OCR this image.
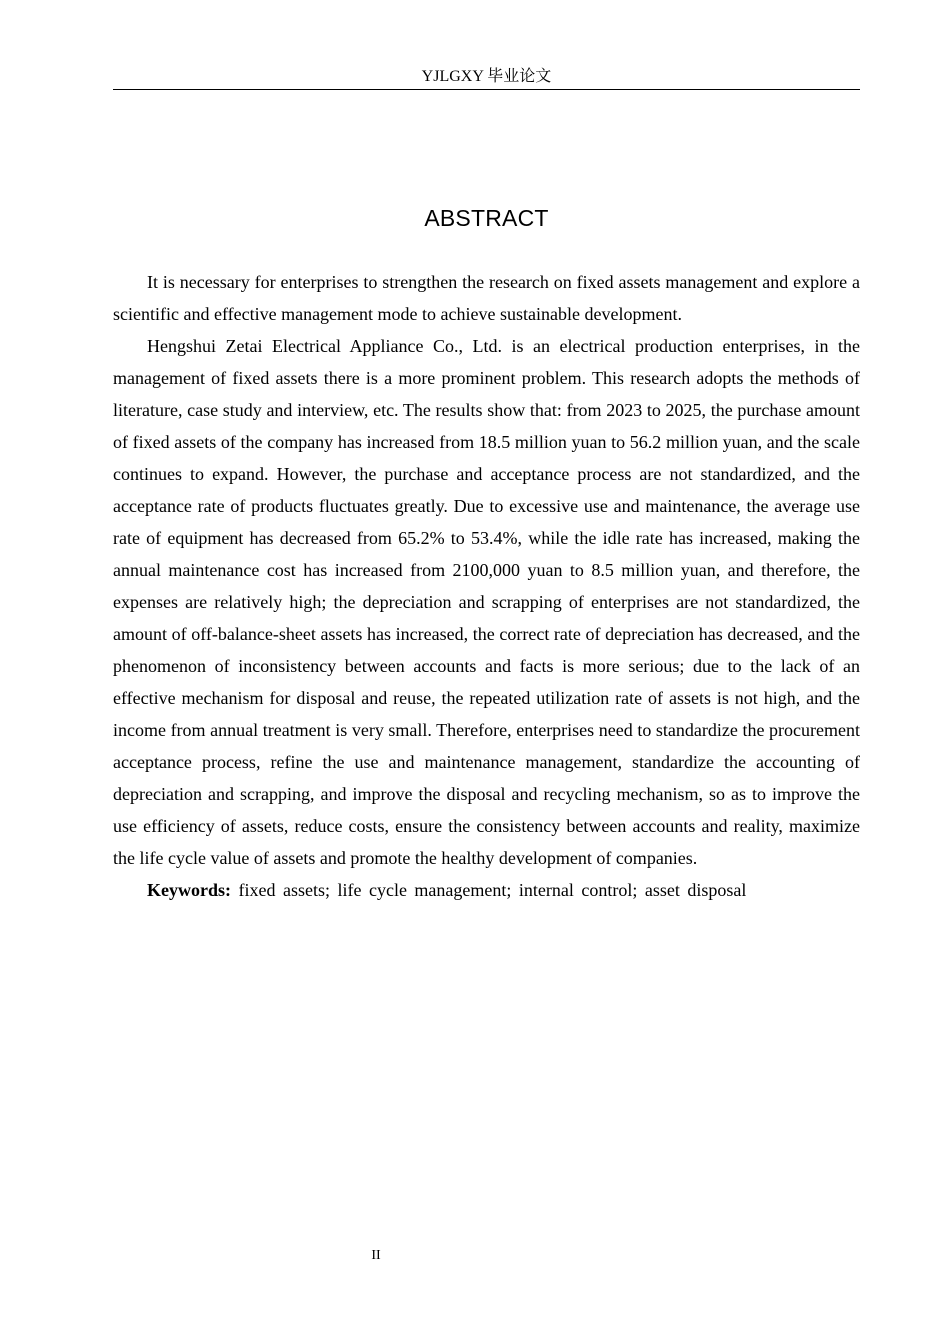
YJLGXY 毕业论文
ABSTRACT

It is necessary for enterprises to strengthen the research on fixed assets management and explore a scientific and effective management mode to achieve sustainable development.

Hengshui Zetai Electrical Appliance Co., Ltd. is an electrical production enterprises, in the management of fixed assets there is a more prominent problem. This research adopts the methods of literature, case study and interview, etc. The results show that: from 2023 to 2025, the purchase amount of fixed assets of the company has increased from 18.5 million yuan to 56.2 million yuan, and the scale continues to expand. However, the purchase and acceptance process are not standardized, and the acceptance rate of products fluctuates greatly. Due to excessive use and maintenance, the average use rate of equipment has decreased from 65.2% to 53.4%, while the idle rate has increased, making the annual maintenance cost has increased from 2100,000 yuan to 8.5 million yuan, and therefore, the expenses are relatively high; the depreciation and scrapping of enterprises are not standardized, the amount of off-balance-sheet assets has increased, the correct rate of depreciation has decreased, and the phenomenon of inconsistency between accounts and facts is more serious; due to the lack of an effective mechanism for disposal and reuse, the repeated utilization rate of assets is not high, and the income from annual treatment is very small. Therefore, enterprises need to standardize the procurement acceptance process, refine the use and maintenance management, standardize the accounting of depreciation and scrapping, and improve the disposal and recycling mechanism, so as to improve the use efficiency of assets, reduce costs, ensure the consistency between accounts and reality, maximize the life cycle value of assets and promote the healthy development of companies.

Keywords: fixed assets; life cycle management; internal control; asset disposal

II
